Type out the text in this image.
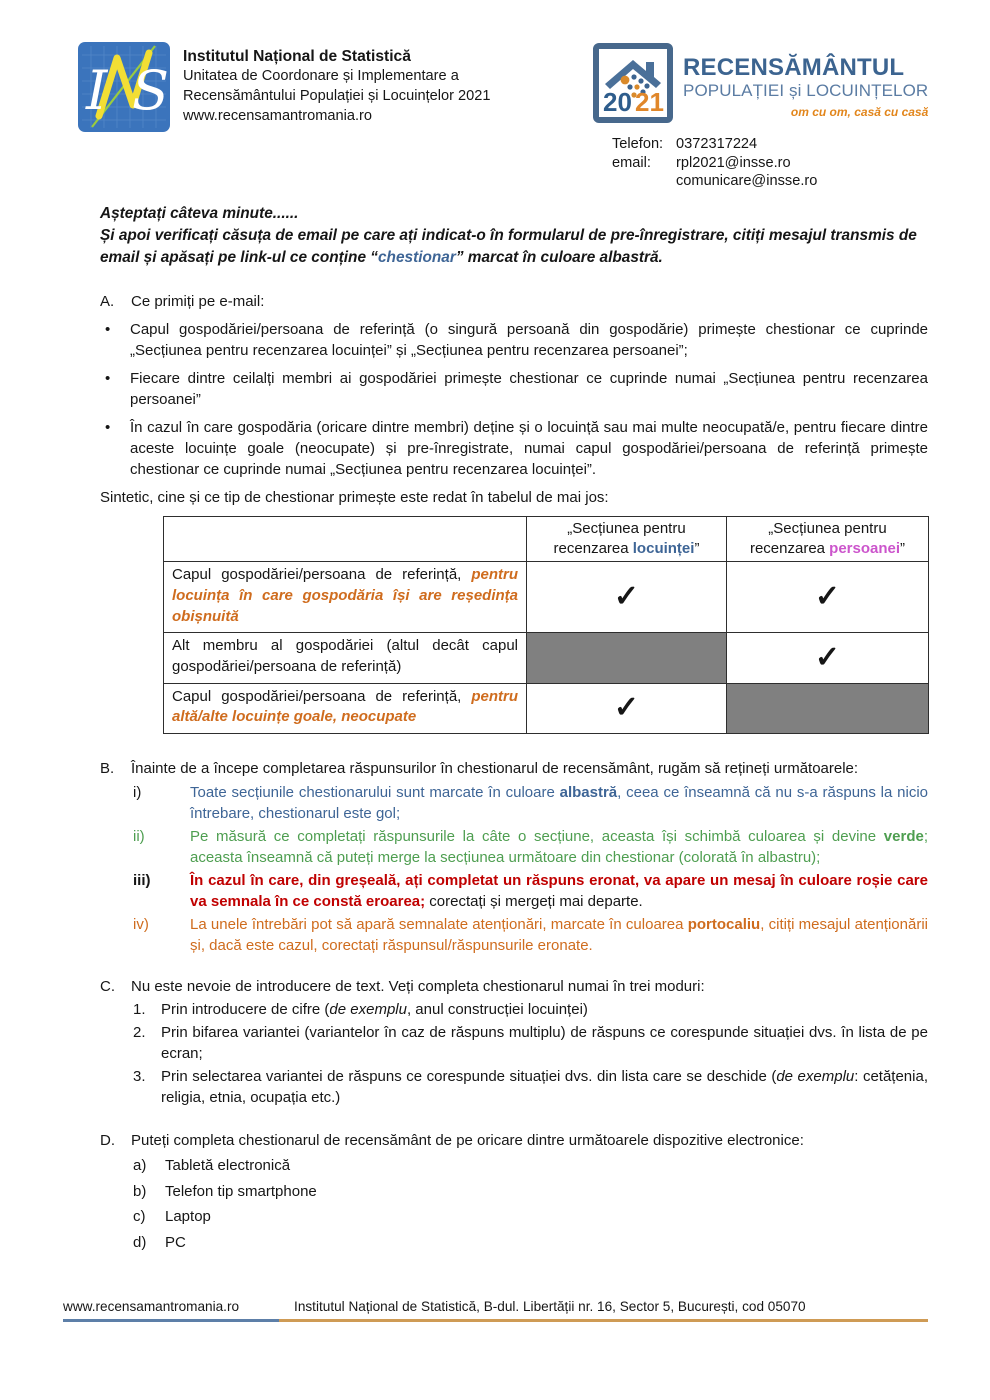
I S
Institutul Național de Statistică
Unitatea de Coordonare și Implementare a
Recensământului Populației și Locuințelor 2021
www.recensamantromania.ro	20 21
RECENSĂMÂNTUL
POPULAȚIEI și LOCUINȚELOR
om cu om, casă cu casă
Telefon: 0372317224
email:	rpl2021@insse.ro
comunicare@insse.ro

Așteptați câteva minute......
Și apoi verificați căsuța de email pe care ați indicat-o în formularul de pre-înregistrare, citiți mesajul transmis de email și apăsați pe link-ul ce conține “chestionar” marcat în culoare albastră.

A.	Ce primiți pe e-mail:
•	Capul gospodăriei/persoana de referință (o singură persoană din gospodărie) primește chestionar ce cuprinde „Secțiunea pentru recenzarea locuinței” și „Secțiunea pentru recenzarea persoanei”;
•	Fiecare dintre ceilalți membri ai gospodăriei primește chestionar ce cuprinde numai „Secțiunea pentru recenzarea persoanei”
•	În cazul în care gospodăria (oricare dintre membri) deține și o locuință sau mai multe neocupată/e, pentru fiecare dintre aceste locuințe goale (neocupate) și pre-înregistrate, numai capul gospodăriei/persoana de referință primește chestionar ce cuprinde numai „Secțiunea pentru recenzarea locuinței”.

Sintetic, cine și ce tip de chestionar primește este redat în tabelul de mai jos:

	„Secțiunea pentru
recenzarea locuinței”	„Secțiunea pentru
recenzarea persoanei”
Capul gospodăriei/persoana de referință, pentru locuința în care gospodăria își are reședința obișnuită	✓	✓
Alt membru al gospodăriei (altul decât capul gospodăriei/persoana de referință)		✓
Capul gospodăriei/persoana de referință, pentru altă/alte locuințe goale, neocupate	✓	
B.	Înainte de a începe completarea răspunsurilor în chestionarul de recensământ, rugăm să rețineți următoarele:
i)	Toate secțiunile chestionarului sunt marcate în culoare albastră, ceea ce înseamnă că nu s-a răspuns la nicio întrebare, chestionarul este gol;

ii)	Pe măsură ce completați răspunsurile la câte o secțiune, aceasta își schimbă culoarea și devine verde; aceasta înseamnă că puteți merge la secțiunea următoare din chestionar (colorată în albastru);

iii)	În cazul în care, din greșeală, ați completat un răspuns eronat, va apare un mesaj în culoare roșie care va semnala în ce constă eroarea; corectați și mergeți mai departe.

iv)	La unele întrebări pot să apară semnalate atenționări, marcate în culoarea portocaliu, citiți mesajul atenționării și, dacă este cazul, corectați răspunsul/răspunsurile eronate.

C.	Nu este nevoie de introducere de text. Veți completa chestionarul numai în trei moduri:
1.	Prin introducere de cifre (de exemplu, anul construcției locuinței)

2.	Prin bifarea variantei (variantelor în caz de răspuns multiplu) de răspuns ce corespunde situației dvs. în lista de pe ecran;

3.	Prin selectarea variantei de răspuns ce corespunde situației dvs. din lista care se deschide (de exemplu: cetățenia, religia, etnia, ocupația etc.)

D.	Puteți completa chestionarul de recensământ de pe oricare dintre următoarele dispozitive electronice:
a)	Tabletă electronică
b)	Telefon tip smartphone
c)	Laptop
d)	PC
www.recensamantromania.ro	Institutul Național de Statistică, B-dul. Libertății nr. 16, Sector 5, București, cod 05070
